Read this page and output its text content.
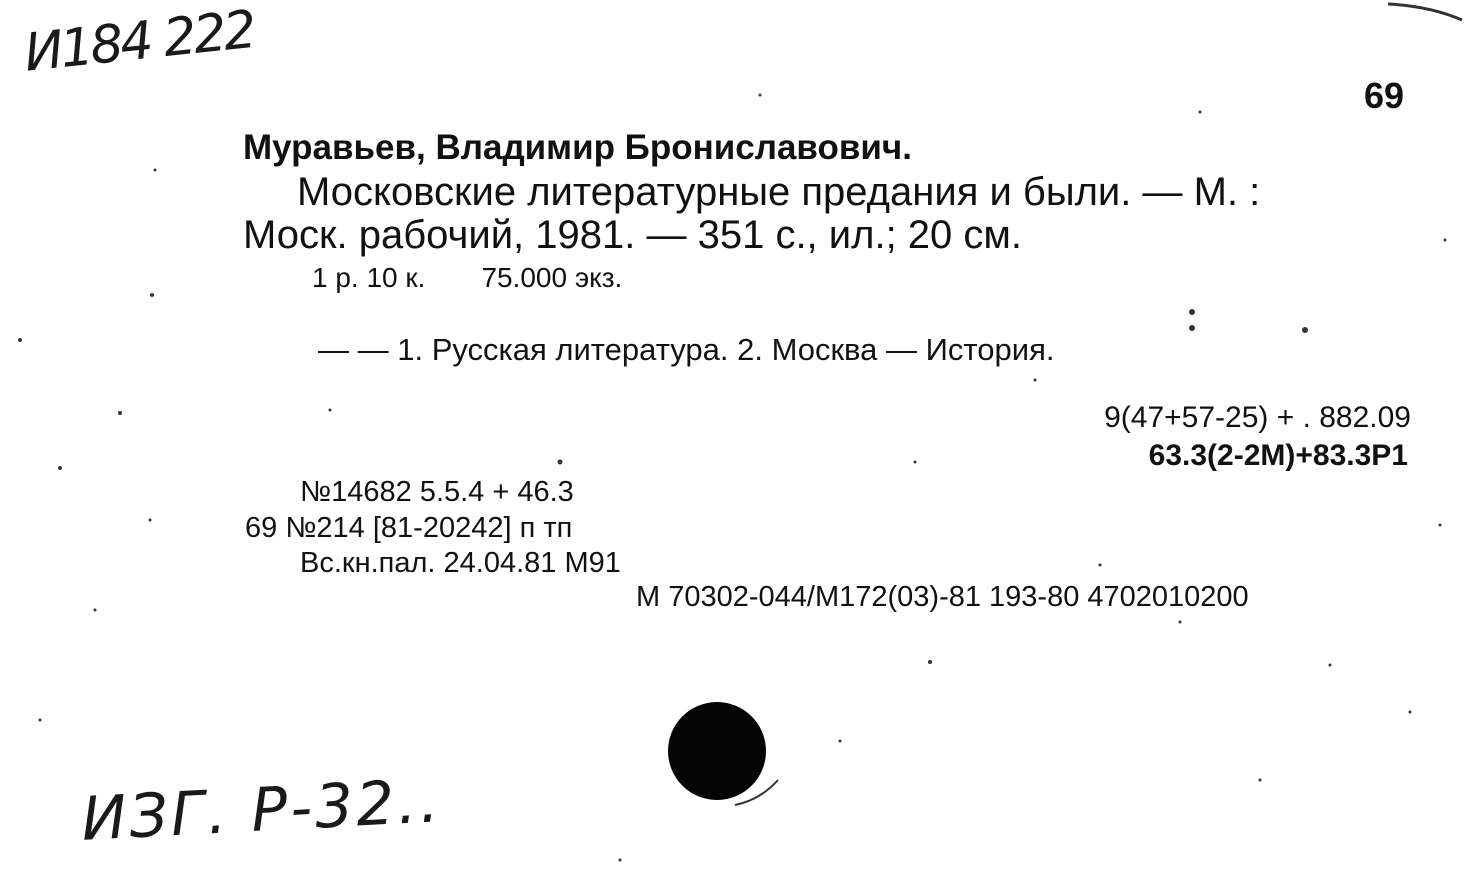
И184 222
69
Муравьев, Владимир Брониславович.
Московские литературные предания и были. — М. :
Моск. рабочий, 1981. — 351 с., ил.; 20 см.
1 р. 10 к. 75.000 экз.
— — 1. Русская литература. 2. Москва — История.
9(47+57-25) + . 882.09
63.3(2-2М)+83.3Р1
№14682 5.5.4 + 46.3
69 №214 [81-20242] п тп
Вс.кн.пал. 24.04.81 М91
М 70302-044/М172(03)-81 193-80 4702010200
ИЗГ. Р-32..
